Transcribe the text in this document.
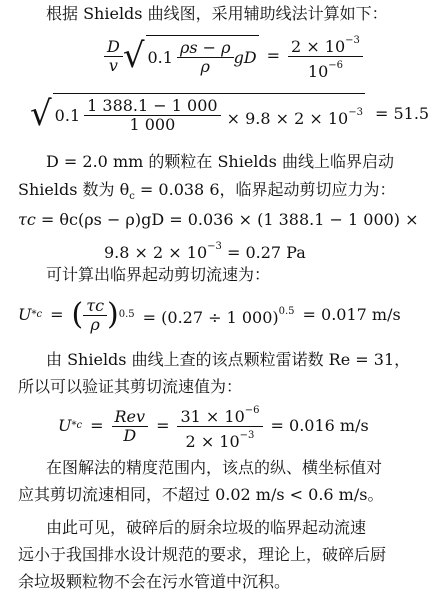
根据 Shields 曲线图，采用辅助线法计算如下：
$\frac{D}{v}$ √ $0.1 \frac{\rho s - \rho}{\rho}$ gD = $\frac{2 \times 10^{-3}}{10^{-6}}$
√ $0.1 \frac{1 388.1 - 1 000}{1 000} \times 9.8 \times 2 \times 10^{-3} = 51.5$
D = 2.0 mm 的颗粒在 Shields 曲线上临界启动
Shields 数为 $\theta_c = 0.038$ 6，临界起动剪切应力为：
τc = θc(ρs − ρ)gD = 0.036 × (1 388.1 − 1 000) ×
$9.8 \times 2 \times 10^{-3} = 0.27$ Pa
可计算出临界起动剪切流速为：
U *c = ( $\frac{\tau c}{\rho}$ ) 0.5 = (0.27 ÷ 1 000)$^{0.5}$ = 0.017 m/s
由 Shields 曲线上查的该点颗粒雷诺数 Re = 31，
所以可以验证其剪切流速值为：
U $*c = \frac{\text{Rev}}{D} = \frac{31 \times 10^{-6}}{2 \times 10^{-3}} = 0.016$ m/s
在图解法的精度范围内，该点的纵、横坐标值对
应其剪切流速相同，不超过 0.02 m/s < 0.6 m/s。
由此可见，破碎后的厨余垃圾的临界起动流速
远小于我国排水设计规范的要求，理论上，破碎后厨
余垃圾颗粒物不会在污水管道中沉积。
